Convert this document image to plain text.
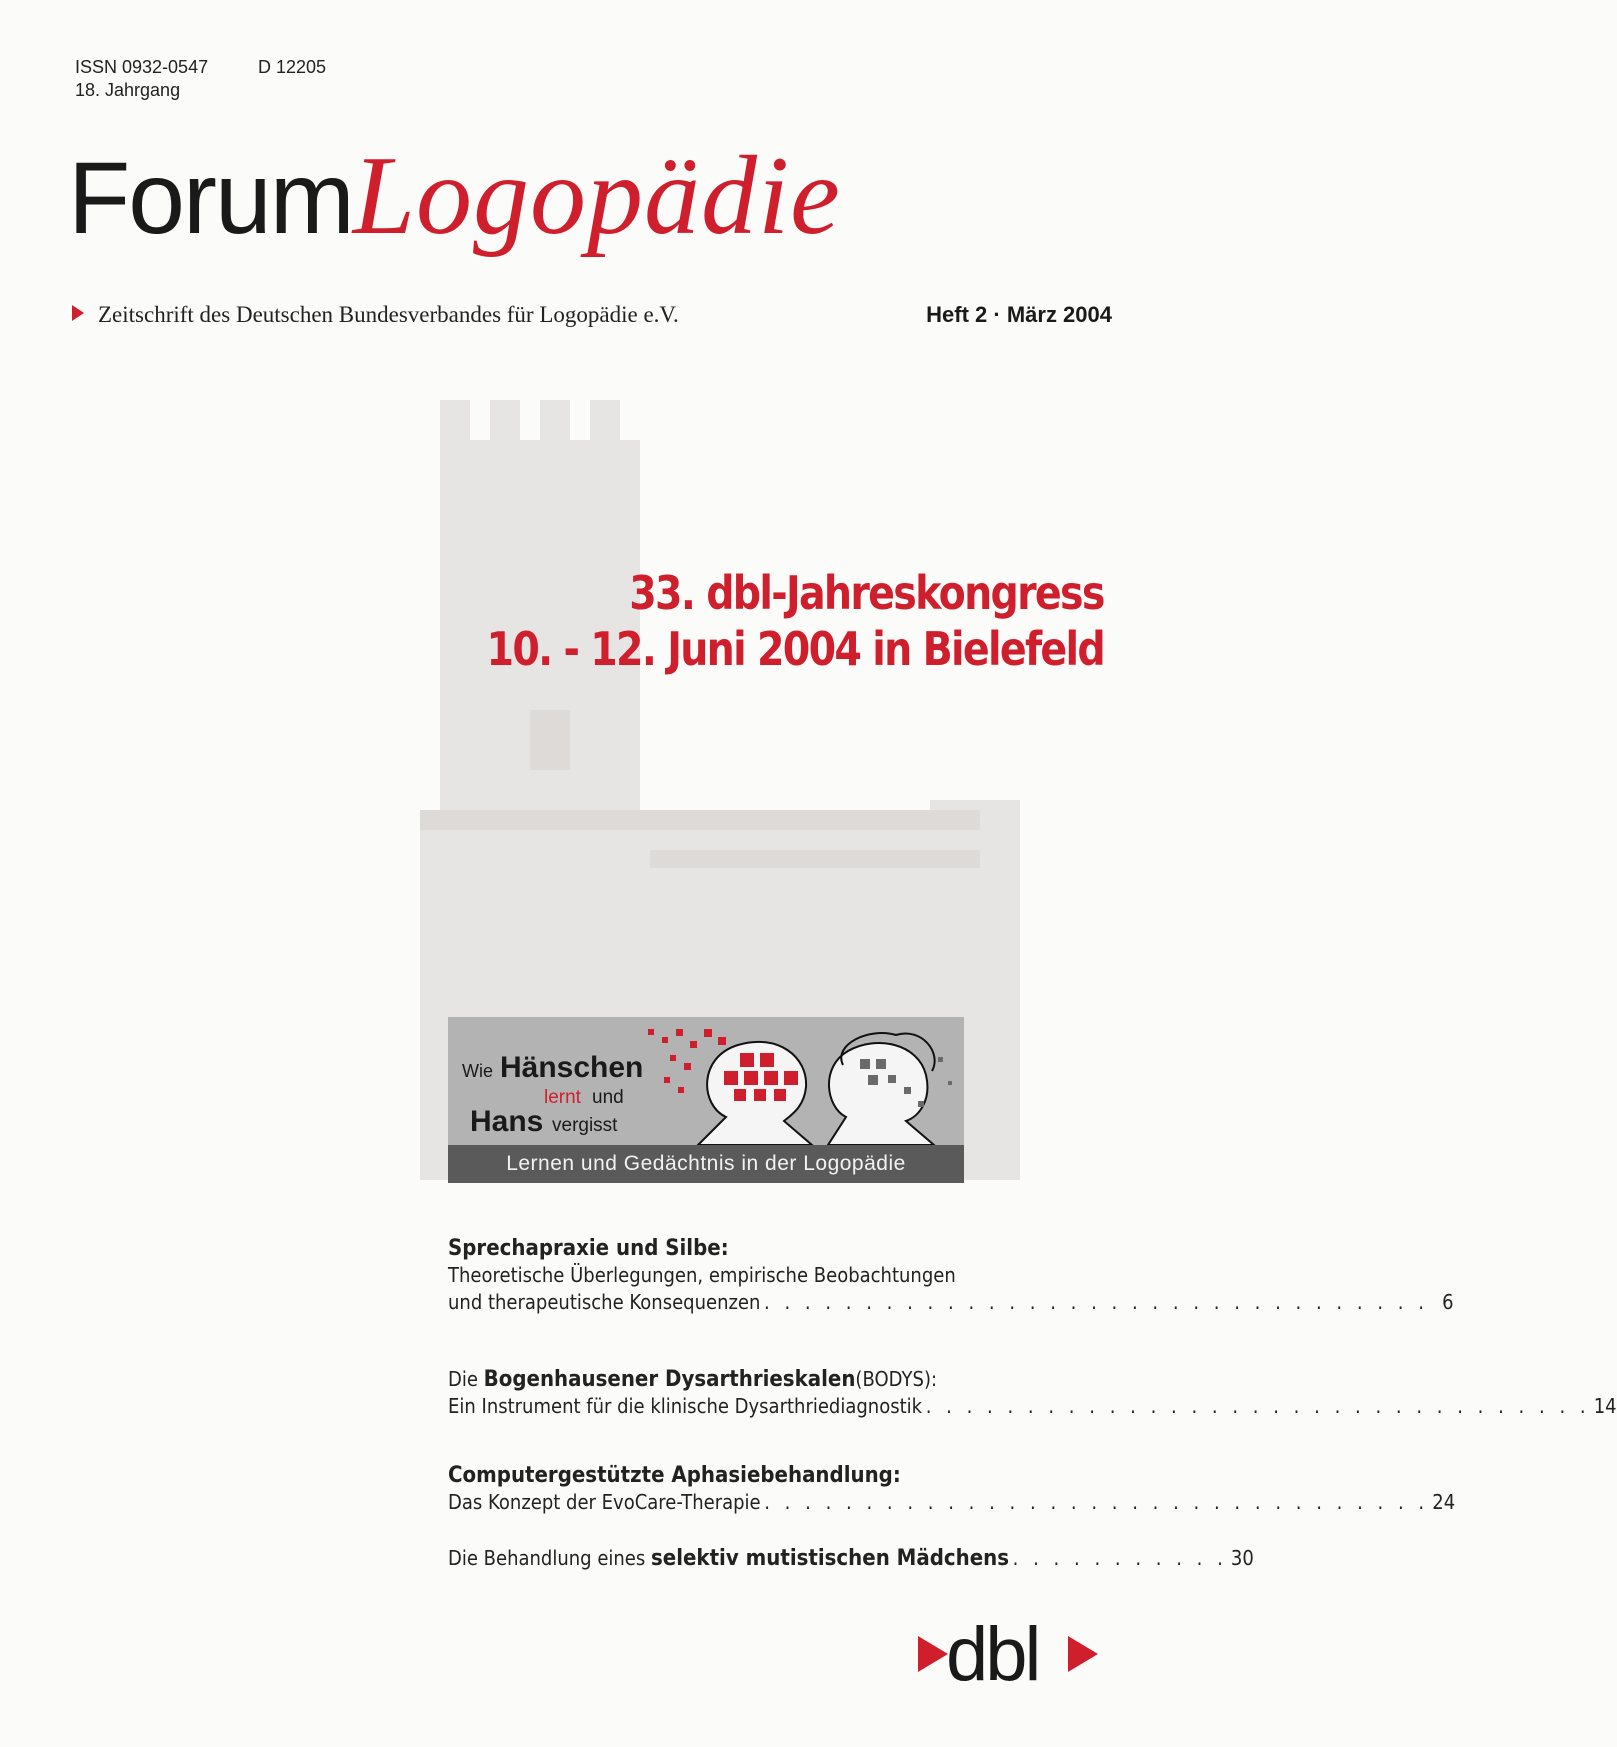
ISSN 0932-0547	D 12205
18. Jahrgang
ForumLogopädie
Zeitschrift des Deutschen Bundesverbandes für Logopädie e.V.	Heft 2 · März 2004
33. dbl-Jahreskongress
10. - 12. Juni 2004 in Bielefeld
Wie Hänschen
lernt und
Hans vergisst
Lernen und Gedächtnis in der Logopädie
Sprechapraxie und Silbe:
Theoretische Überlegungen, empirische Beobachtungen
und therapeutische Konsequenzen . . . . . . . . . . . . . . . . . . . . . . . . . . . . . . . . . 6
Die
Bogenhausener Dysarthrieskalen (BODYS):
Ein Instrument für die klinische Dysarthriediagnostik . . . . . . . . . . . . . . . . . . . . . . . . . . . . . . . . . 14
Computergestützte Aphasiebehandlung:
Das Konzept der EvoCare-Therapie . . . . . . . . . . . . . . . . . . . . . . . . . . . . . . . . . 24
Die Behandlung eines selektiv mutistischen Mädchens . . . . . . . . . . . 30
dbl
